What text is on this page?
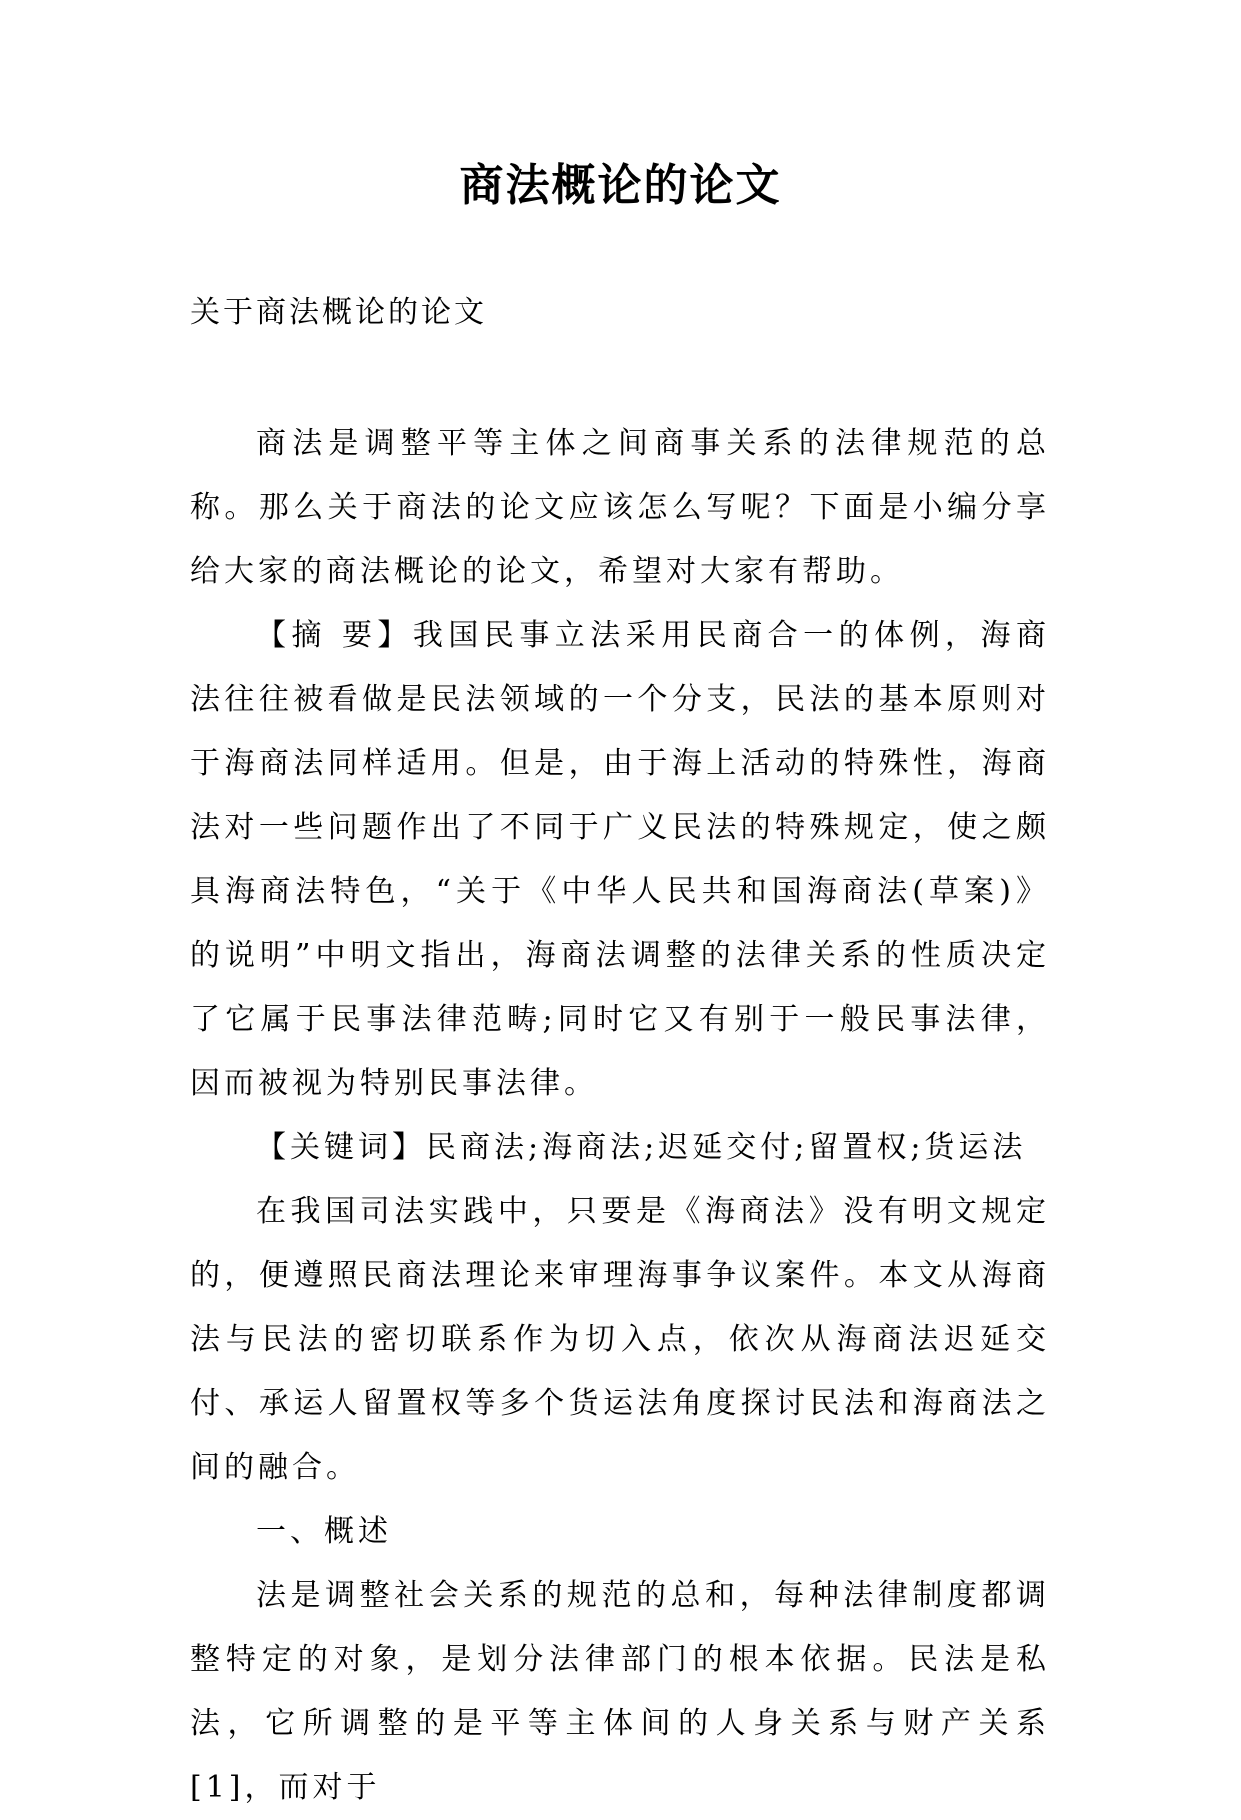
商法概论的论文
关于商法概论的论文

商法是调整平等主体之间商事关系的法律规范的总称。那么关于商法的论文应该怎么写呢？下面是小编分享给大家的商法概论的论文，希望对大家有帮助。

【摘 要】我国民事立法采用民商合一的体例，海商法往往被看做是民法领域的一个分支，民法的基本原则对于海商法同样适用。但是，由于海上活动的特殊性，海商法对一些问题作出了不同于广义民法的特殊规定，使之颇具海商法特色，“关于《中华人民共和国海商法(草案)》的说明”中明文指出，海商法调整的法律关系的性质决定了它属于民事法律范畴;同时它又有别于一般民事法律，因而被视为特别民事法律。

【关键词】民商法;海商法;迟延交付;留置权;货运法

在我国司法实践中，只要是《海商法》没有明文规定的，便遵照民商法理论来审理海事争议案件。本文从海商法与民法的密切联系作为切入点，依次从海商法迟延交付、承运人留置权等多个货运法角度探讨民法和海商法之间的融合。

一、概述

法是调整社会关系的规范的总和，每种法律制度都调整特定的对象，是划分法律部门的根本依据。民法是私法，它所调整的是平等主体间的人身关系与财产关系[1]，而对于
